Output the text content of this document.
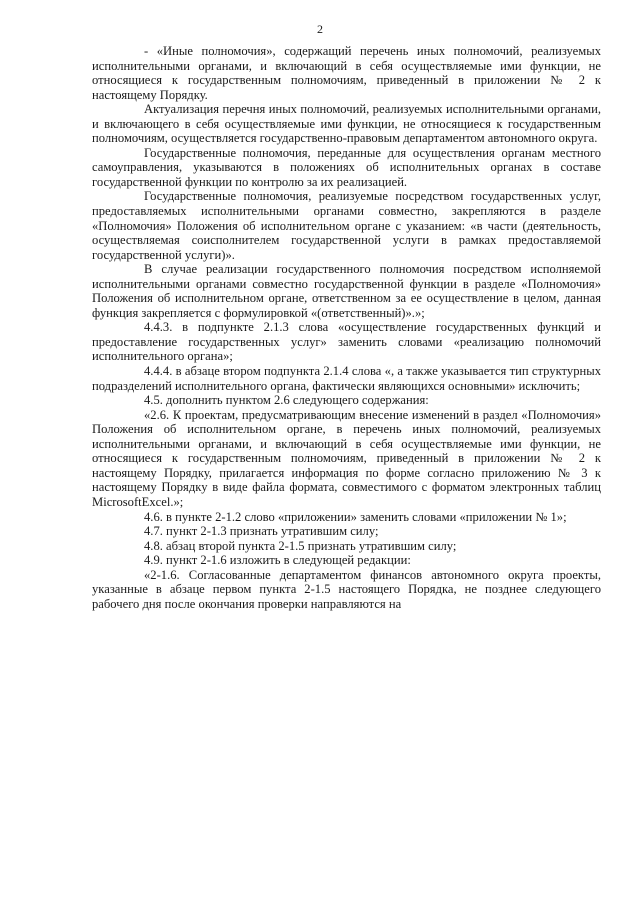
2

- «Иные полномочия», содержащий перечень иных полномочий, реализуемых исполнительными органами, и включающий в себя осуществляемые ими функции, не относящиеся к государственным полномочиям, приведенный в приложении № 2 к настоящему Порядку.

Актуализация перечня иных полномочий, реализуемых исполнительными органами, и включающего в себя осуществляемые ими функции, не относящиеся к государственным полномочиям, осуществляется государственно-правовым департаментом автономного округа.

Государственные полномочия, переданные для осуществления органам местного самоуправления, указываются в положениях об исполнительных органах в составе государственной функции по контролю за их реализацией.

Государственные полномочия, реализуемые посредством государственных услуг, предоставляемых исполнительными органами совместно, закрепляются в разделе «Полномочия» Положения об исполнительном органе с указанием: «в части (деятельность, осуществляемая соисполнителем государственной услуги в рамках предоставляемой государственной услуги)».

В случае реализации государственного полномочия посредством исполняемой исполнительными органами совместно государственной функции в разделе «Полномочия» Положения об исполнительном органе, ответственном за ее осуществление в целом, данная функция закрепляется с формулировкой «(ответственный)».»;

4.4.3. в подпункте 2.1.3 слова «осуществление государственных функций и предоставление государственных услуг» заменить словами «реализацию полномочий исполнительного органа»;

4.4.4. в абзаце втором подпункта 2.1.4 слова «, а также указывается тип структурных подразделений исполнительного органа, фактически являющихся основными» исключить;

4.5. дополнить пунктом 2.6 следующего содержания:

«2.6. К проектам, предусматривающим внесение изменений в раздел «Полномочия» Положения об исполнительном органе, в перечень иных полномочий, реализуемых исполнительными органами, и включающий в себя осуществляемые ими функции, не относящиеся к государственным полномочиям, приведенный в приложении № 2 к настоящему Порядку, прилагается информация по форме согласно приложению № 3 к настоящему Порядку в виде файла формата, совместимого с форматом электронных таблиц MicrosoftExcel.»;

4.6. в пункте 2-1.2 слово «приложении» заменить словами «приложении № 1»;

4.7. пункт 2-1.3 признать утратившим силу;

4.8. абзац второй пункта 2-1.5 признать утратившим силу;

4.9. пункт 2-1.6 изложить в следующей редакции:

«2-1.6. Согласованные департаментом финансов автономного округа проекты, указанные в абзаце первом пункта 2-1.5 настоящего Порядка, не позднее следующего рабочего дня после окончания проверки направляются на
